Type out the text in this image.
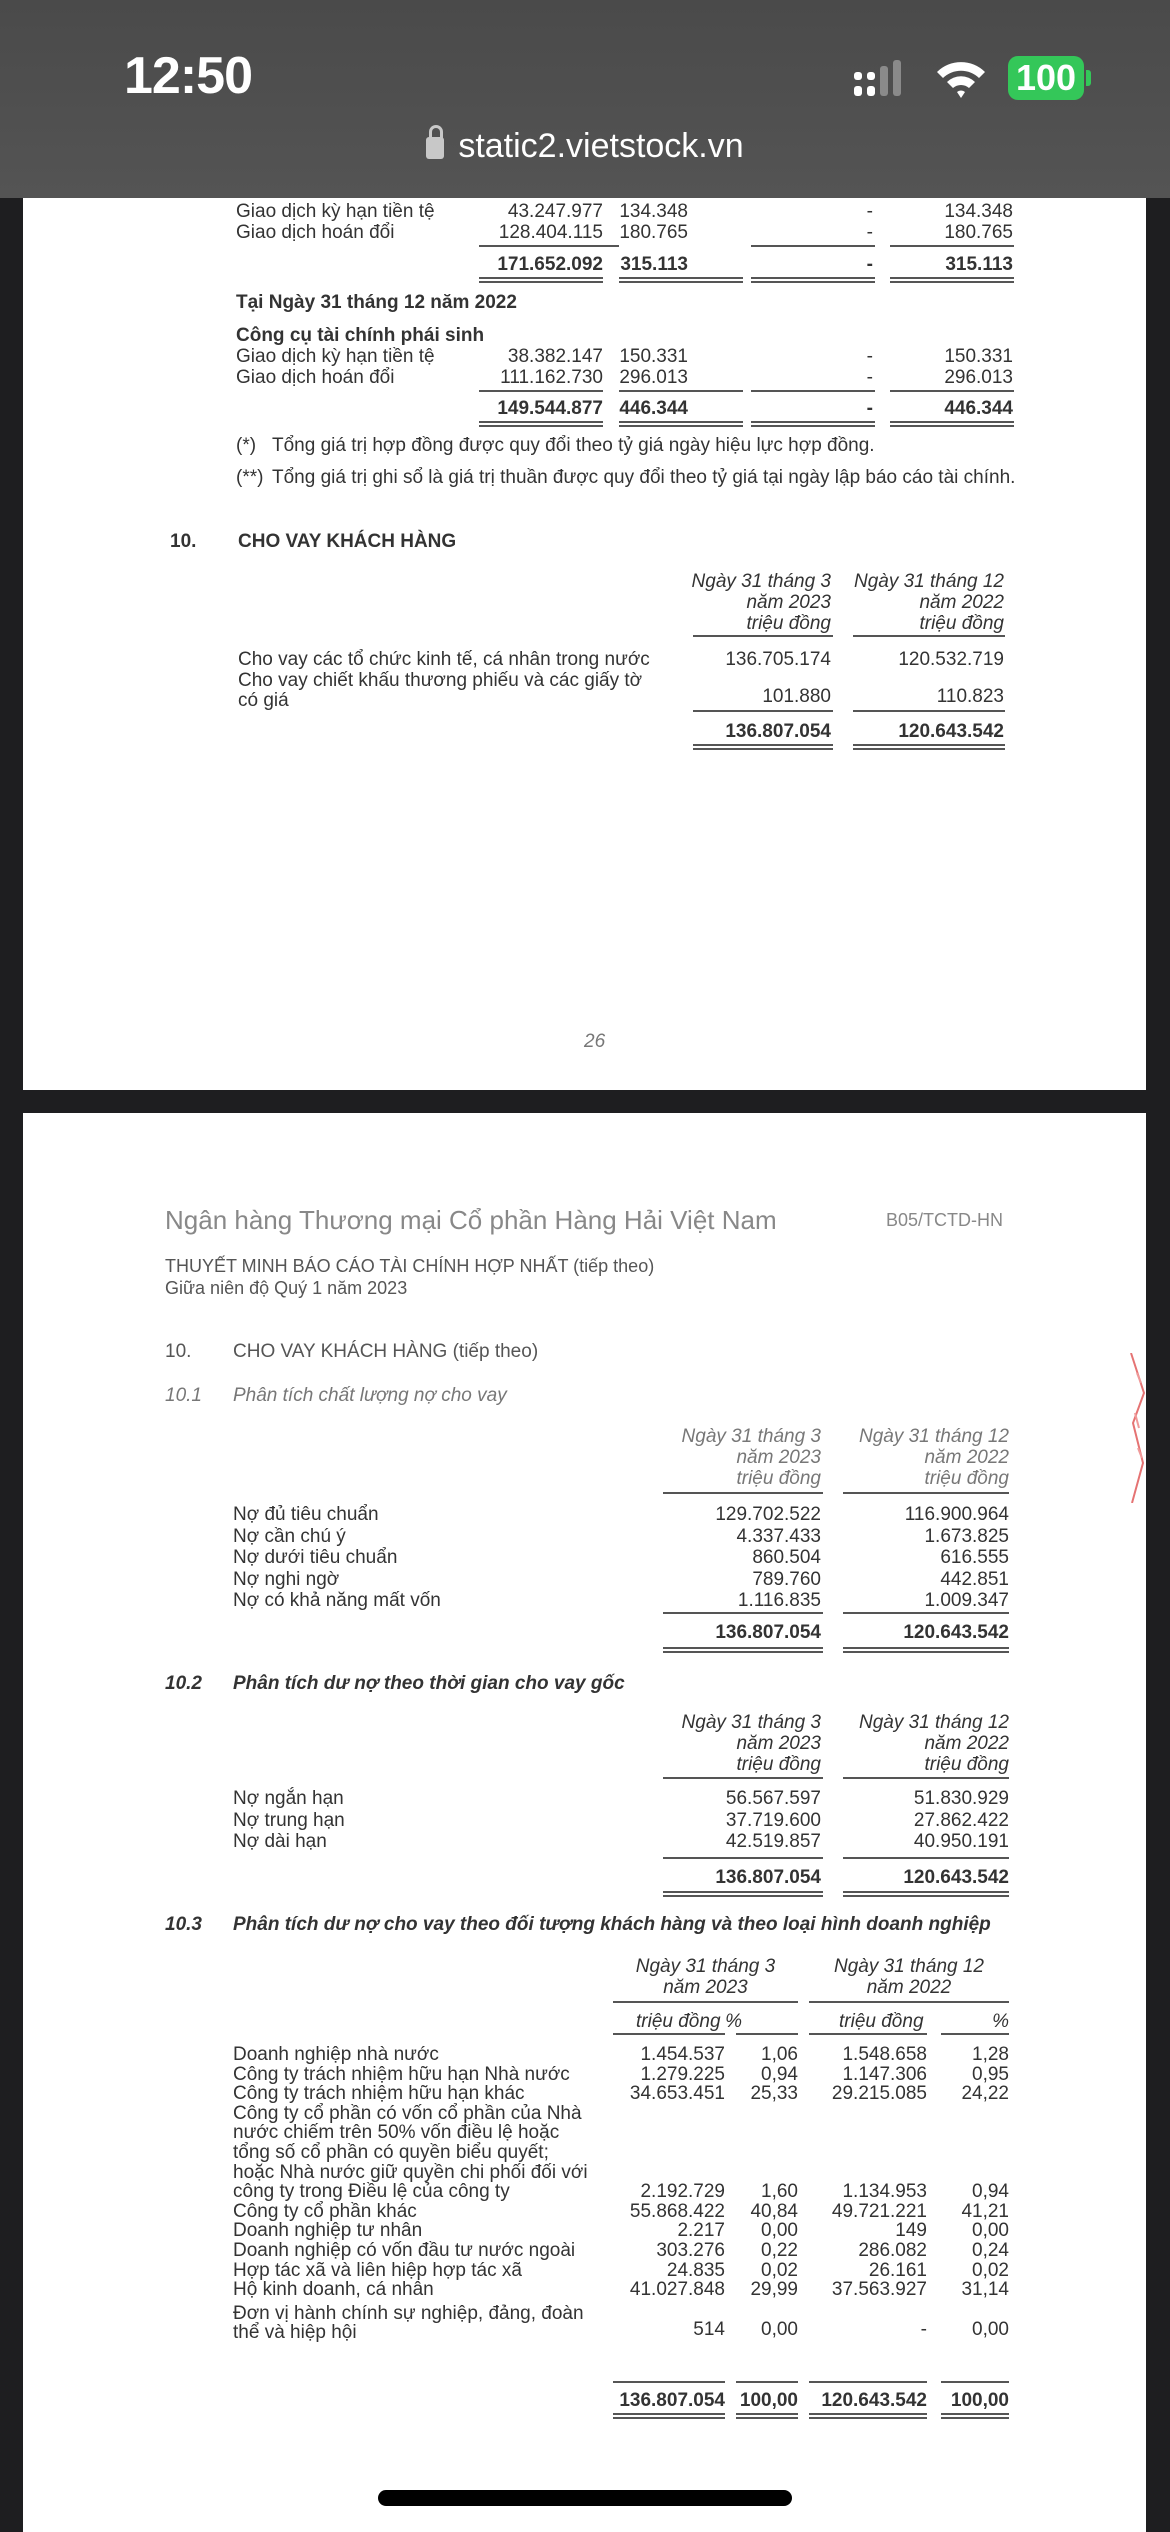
12:50	100
static2.vietstock.vn
Giao dịch kỳ hạn tiền tệ	43.247.977 134.348	-	134.348
Giao dịch hoán đổi	128.404.115 180.765	-	180.765
171.652.092 315.113	-	315.113
Tại Ngày 31 tháng 12 năm 2022
Công cụ tài chính phái sinh
Giao dịch kỳ hạn tiền tệ	38.382.147 150.331	-	150.331
Giao dịch hoán đổi	111.162.730 296.013	-	296.013
149.544.877 446.344	-	446.344
(*) Tổng giá trị hợp đồng được quy đổi theo tỷ giá ngày hiệu lực hợp đồng.
(**) Tổng giá trị ghi sổ là giá trị thuần được quy đổi theo tỷ giá tại ngày lập báo cáo tài chính.
10. CHO VAY KHÁCH HÀNG
Ngày 31 tháng 3
năm 2023
triệu đồng
Ngày 31 tháng 12
năm 2022
triệu đồng
Cho vay các tổ chức kinh tế, cá nhân trong nước	136.705.174	120.532.719
Cho vay chiết khấu thương phiếu và các giấy tờ
có giá	101.880	110.823
136.807.054	120.643.542
26
Ngân hàng Thương mại Cổ phần Hàng Hải Việt Nam	B05/TCTD-HN
THUYẾT MINH BÁO CÁO TÀI CHÍNH HỢP NHẤT (tiếp theo)
Giữa niên độ Quý 1 năm 2023
10. CHO VAY KHÁCH HÀNG (tiếp theo)
10.1 Phân tích chất lượng nợ cho vay
Ngày 31 tháng 3
năm 2023
triệu đồng
Ngày 31 tháng 12
năm 2022
triệu đồng
Nợ đủ tiêu chuẩn	129.702.522	116.900.964
Nợ cần chú ý	4.337.433	1.673.825
Nợ dưới tiêu chuẩn	860.504	616.555
Nợ nghi ngờ	789.760	442.851
Nợ có khả năng mất vốn	1.116.835	1.009.347
136.807.054	120.643.542
10.2 Phân tích dư nợ theo thời gian cho vay gốc
Ngày 31 tháng 3
năm 2023
triệu đồng
Ngày 31 tháng 12
năm 2022
triệu đồng
Nợ ngắn hạn	56.567.597	51.830.929
Nợ trung hạn	37.719.600	27.862.422
Nợ dài hạn	42.519.857	40.950.191
136.807.054	120.643.542
10.3 Phân tích dư nợ cho vay theo đối tượng khách hàng và theo loại hình doanh nghiệp
Ngày 31 tháng 3
năm 2023
Ngày 31 tháng 12
năm 2022
triệu đồng %	triệu đồng	%
Doanh nghiệp nhà nước	1.454.537 1,06 1.548.658 1,28
Công ty trách nhiệm hữu hạn Nhà nước	1.279.225 0,94 1.147.306 0,95
Công ty trách nhiệm hữu hạn khác	34.653.451 25,33 29.215.085 24,22
Công ty cổ phần có vốn cổ phần của Nhà
nước chiếm trên 50% vốn điều lệ hoặc
tổng số cổ phần có quyền biểu quyết;
hoặc Nhà nước giữ quyền chi phối đối với
công ty trong Điều lệ của công ty	2.192.729 1,60 1.134.953 0,94
Công ty cổ phần khác	55.868.422 40,84 49.721.221 41,21
Doanh nghiệp tư nhân	2.217 0,00	149 0,00
Doanh nghiệp có vốn đầu tư nước ngoài	303.276 0,22	286.082 0,24
Hợp tác xã và liên hiệp hợp tác xã	24.835 0,02	26.161 0,02
Hộ kinh doanh, cá nhân	41.027.848 29,99 37.563.927 31,14
Đơn vị hành chính sự nghiệp, đảng, đoàn
thể và hiệp hội	514 0,00	- 0,00
136.807.054 100,00 120.643.542 100,00
